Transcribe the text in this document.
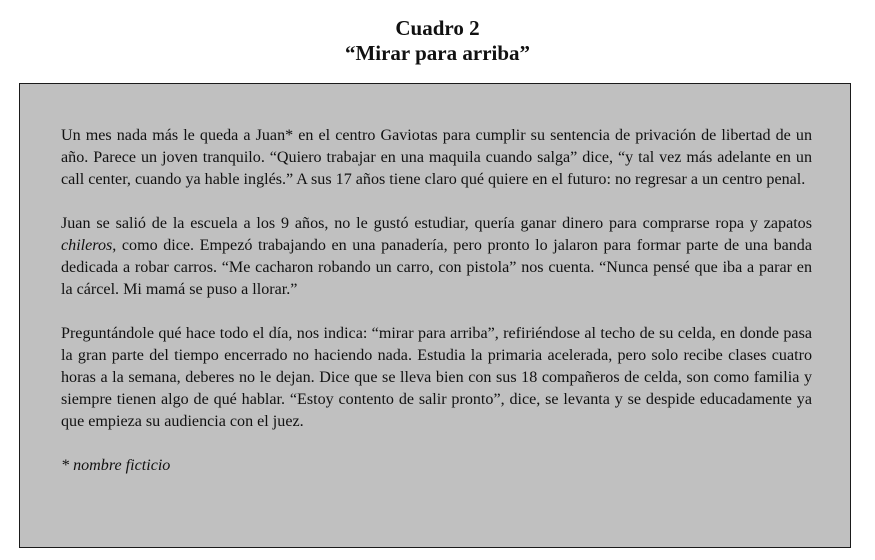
Cuadro 2
“Mirar para arriba”

Un mes nada más le queda a Juan* en el centro Gaviotas para cumplir su sentencia de privación de libertad de un año. Parece un joven tranquilo. “Quiero trabajar en una maquila cuando salga” dice, “y tal vez más adelante en un call center, cuando ya hable inglés.” A sus 17 años tiene claro qué quiere en el futuro: no regresar a un centro penal.

Juan se salió de la escuela a los 9 años, no le gustó estudiar, quería ganar dinero para comprarse ropa y zapatos chileros, como dice. Empezó trabajando en una panadería, pero pronto lo jalaron para formar parte de una banda dedicada a robar carros. “Me cacharon robando un carro, con pistola” nos cuenta. “Nunca pensé que iba a parar en la cárcel. Mi mamá se puso a llorar.”

Preguntándole qué hace todo el día, nos indica: “mirar para arriba”, refiriéndose al techo de su celda, en donde pasa la gran parte del tiempo encerrado no haciendo nada. Estudia la primaria acelerada, pero solo recibe clases cuatro horas a la semana, deberes no le dejan. Dice que se lleva bien con sus 18 compañeros de celda, son como familia y siempre tienen algo de qué hablar. “Estoy contento de salir pronto”, dice, se levanta y se despide educadamente ya que empieza su audiencia con el juez.

* nombre ficticio
